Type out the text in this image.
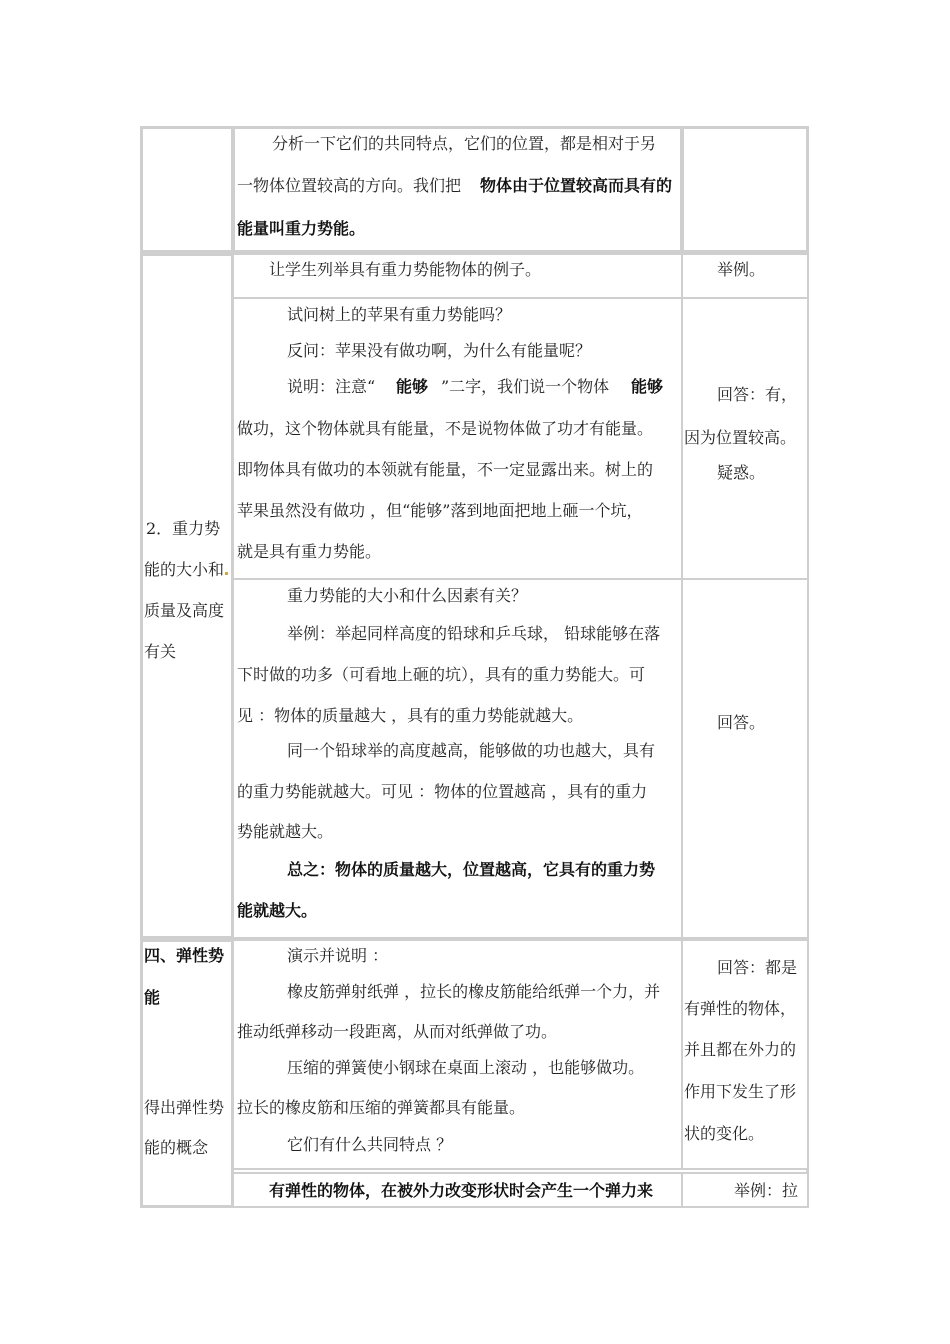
分析一下它们的共同特点，它们的位置，都是相对于另
一物体位置较高的方向。我们把 物体由于位置较高而具有的
能量叫重力势能。
2．重力势
能的大小和
质量及高度
有关
让学生列举具有重力势能物体的例子。	举例。
试问树上的苹果有重力势能吗？
反问：苹果没有做功啊，为什么有能量呢？
说明：注意“ 能够 ”二字，我们说一个物体 能够
做功，这个物体就具有能量，不是说物体做了功才有能量。
即物体具有做功的本领就有能量，不一定显露出来。树上的
苹果虽然没有做功 ，但“能够”落到地面把地上砸一个坑，
就是具有重力势能。
回答：有，
因为位置较高。
疑惑。
重力势能的大小和什么因素有关？
举例：举起同样高度的铅球和乒乓球， 铅球能够在落
下时做的功多（可看地上砸的坑），具有的重力势能大。可
见 ：物体的质量越大 ，具有的重力势能就越大。
同一个铅球举的高度越高，能够做的功也越大，具有
的重力势能就越大。可见 ：物体的位置越高 ，具有的重力
势能就越大。
总之：物体的质量越大，位置越高，它具有的重力势
能就越大。
回答。
四、弹性势
能
得出弹性势
能的概念
演示并说明 ：
橡皮筋弹射纸弹 ，拉长的橡皮筋能给纸弹一个力，并
推动纸弹移动一段距离，从而对纸弹做了功。
压缩的弹簧使小钢球在桌面上滚动 ，也能够做功。
拉长的橡皮筋和压缩的弹簧都具有能量。
它们有什么共同特点 ？
回答：都是
有弹性的物体，
并且都在外力的
作用下发生了形
状的变化。
有弹性的物体，在被外力改变形状时会产生一个弹力来	举例：拉
